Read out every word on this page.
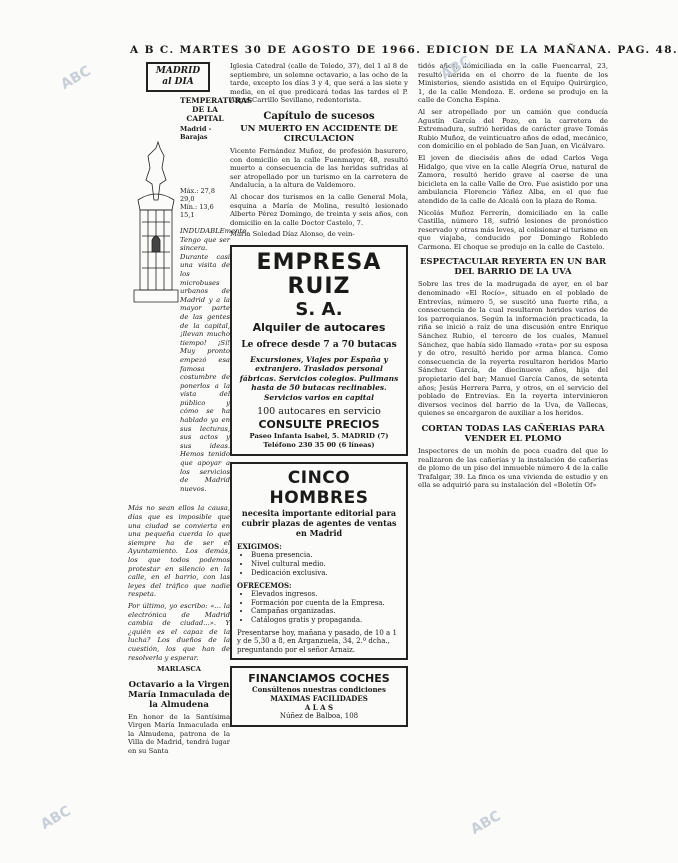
A B C. MARTES 30 DE AGOSTO DE 1966. EDICION DE LA MAÑANA. PAG. 48.
MADRID
al DIA
TEMPERATURAS DE LA CAPITAL
Madrid - Barajas
Máx.: 27,8 29,0
Mín.: 13,6 15,1
INDUDABLEmente, Tengo que ser sincera. Durante casi una visita de los microbuses urbanos de Madrid y a la mayor parte de las gentes de la capital, ¡llevan mucho tiempo! ¡Sí! Muy pronto empezó esa famosa costumbre de ponerlos a la vista del público y cómo se ha hablado ya en sus lecturas, sus actos y sus ideas. Hemos tenido que apoyar a los servicios de Madrid nuevos.
Más no sean ellos la causa, días que es imposible que una ciudad se convierta en una pequeña cuerda lo que siempre ha de ser el Ayuntamiento. Los demás, los que todos podemos protestar en silencio en la calle, en el barrio, con las leyes del tráfico que nadie respeta.
Por último, yo escribo: «... la electrónica de Madrid cambia de ciudad...». Y ¿quién es el capaz de la lucha? Los dueños de la cuestión, los que han de resolverla y esperar.
MARLASCA
Octavario a la Virgen María Inmaculada de la Almudena
En honor de la Santísima Virgen María Inmaculada en la Almudena, patrona de la Villa de Madrid, tendrá lugar en su Santa
Iglesia Catedral (calle de Toledo, 37), del 1 al 8 de septiembre, un solemne octavario, a las ocho de la tarde, excepto los días 3 y 4, que será a las siete y media, en el que predicará todas las tardes el P. Angel Carrillo Sevillano, redentorista.
Capítulo de sucesos
UN MUERTO EN ACCIDENTE DE CIRCULACION
Vicente Fernández Muñoz, de profesión basurero, con domicilio en la calle Fuenmayor, 48, resultó muerto a consecuencia de las heridas sufridas al ser atropellado por un turismo en la carretera de Andalucía, a la altura de Valdemoro.
Al chocar dos turismos en la calle General Mola, esquina a María de Molina, resultó lesionado Alberto Pérez Domingo, de treinta y seis años, con domicilio en la calle Doctor Castelo, 7.
María Soledad Díaz Alonso, de vein-
EMPRESA RUIZ
S. A.
Alquiler de autocares
Le ofrece desde 7 a 70 butacas
Excursiones, Viajes por España y extranjero. Traslados personal fábricas. Servicios colegios. Pullmans hasta de 50 butacas reclinables. Servicios varios en capital
100 autocares en servicio
CONSULTE PRECIOS
Paseo Infanta Isabel, 5. MADRID (7) Teléfono 230 35 00 (6 líneas)
CINCO HOMBRES
necesita importante editorial para cubrir plazas de agentes de ventas en Madrid
EXIGIMOS:
• Buena presencia.
• Nivel cultural medio.
• Dedicación exclusiva.
OFRECEMOS:
• Elevados ingresos.
• Formación por cuenta de la Empresa.
• Campañas organizadas.
• Catálogos gratis y propaganda.
Presentarse hoy, mañana y pasado, de 10 a 1 y de 5,30 a 8, en Arganzuela, 34, 2.º dcha., preguntando por el señor Arnaiz.
FINANCIAMOS COCHES
Consúltenos nuestras condiciones
MAXIMAS FACILIDADES
A L A S
Núñez de Balboa, 108
tidós años, domiciliada en la calle Fuencarral, 23, resultó herida en el chorro de la fuente de los Ministerios, siendo asistida en el Equipo Quirúrgico, 1, de la calle Mendoza. E. ordene se produjo en la calle de Concha Espina.
Al ser atropellado por un camión que conducía Agustín García del Pozo, en la carretera de Extremadura, sufrió heridas de carácter grave Tomás Rubio Muñoz, de veinticuatro años de edad, mecánico, con domicilio en el poblado de San Juan, en Vicálvaro.
El joven de dieciséis años de edad Carlos Vega Hidalgo, que vive en la calle Alegría Orue, natural de Zamora, resultó herido grave al caerse de una bicicleta en la calle Valle de Oro. Fue asistido por una ambulancia Florencio Yáñez Alba, en el que fue atendido de la calle de Alcalá con la plaza de Roma.
Nicolás Muñoz Ferrerín, domiciliado en la calle Castilla, número 18, sufrió lesiones de pronóstico reservado y otras más leves, al colisionar el turismo en que viajaba, conducido por Domingo Robledo Carmona. El choque se produjo en la calle de Castelo.
ESPECTACULAR REYERTA EN UN BAR DEL BARRIO DE LA UVA
Sobre las tres de la madrugada de ayer, en el bar denominado «El Rocío», situado en el poblado de Entrevías, número 5, se suscitó una fuerte riña, a consecuencia de la cual resultaron heridos varios de los parroquianos. Según la información practicada, la riña se inició a raíz de una discusión entre Enrique Sánchez Rubio, el tercero de los cuales, Manuel Sánchez, que había sido llamado «rata» por su esposa y de otro, resultó herido por arma blanca. Como consecuencia de la reyerta resultaron heridos Mario Sánchez García, de diecinueve años, hija del propietario del bar; Manuel García Canos, de setenta años; Jesús Herrera Parra, y otros, en el servicio del poblado de Entrevías. En la reyerta intervinieron diversos vecinos del barrio de la Uva, de Vallecas, quienes se encargaron de auxiliar a los heridos.
CORTAN TODAS LAS CAÑERIAS PARA VENDER EL PLOMO
Inspectores de un mohín de poca cuadra del que lo realizaron de las cañerías y la instalación de cañerías de plomo de un piso del inmueble número 4 de la calle Trafalgar, 39. La finca es una vivienda de estudio y en ella se adquirió para su instalación del «Boletín Of»
ABC	ABC
ABC	ABC
